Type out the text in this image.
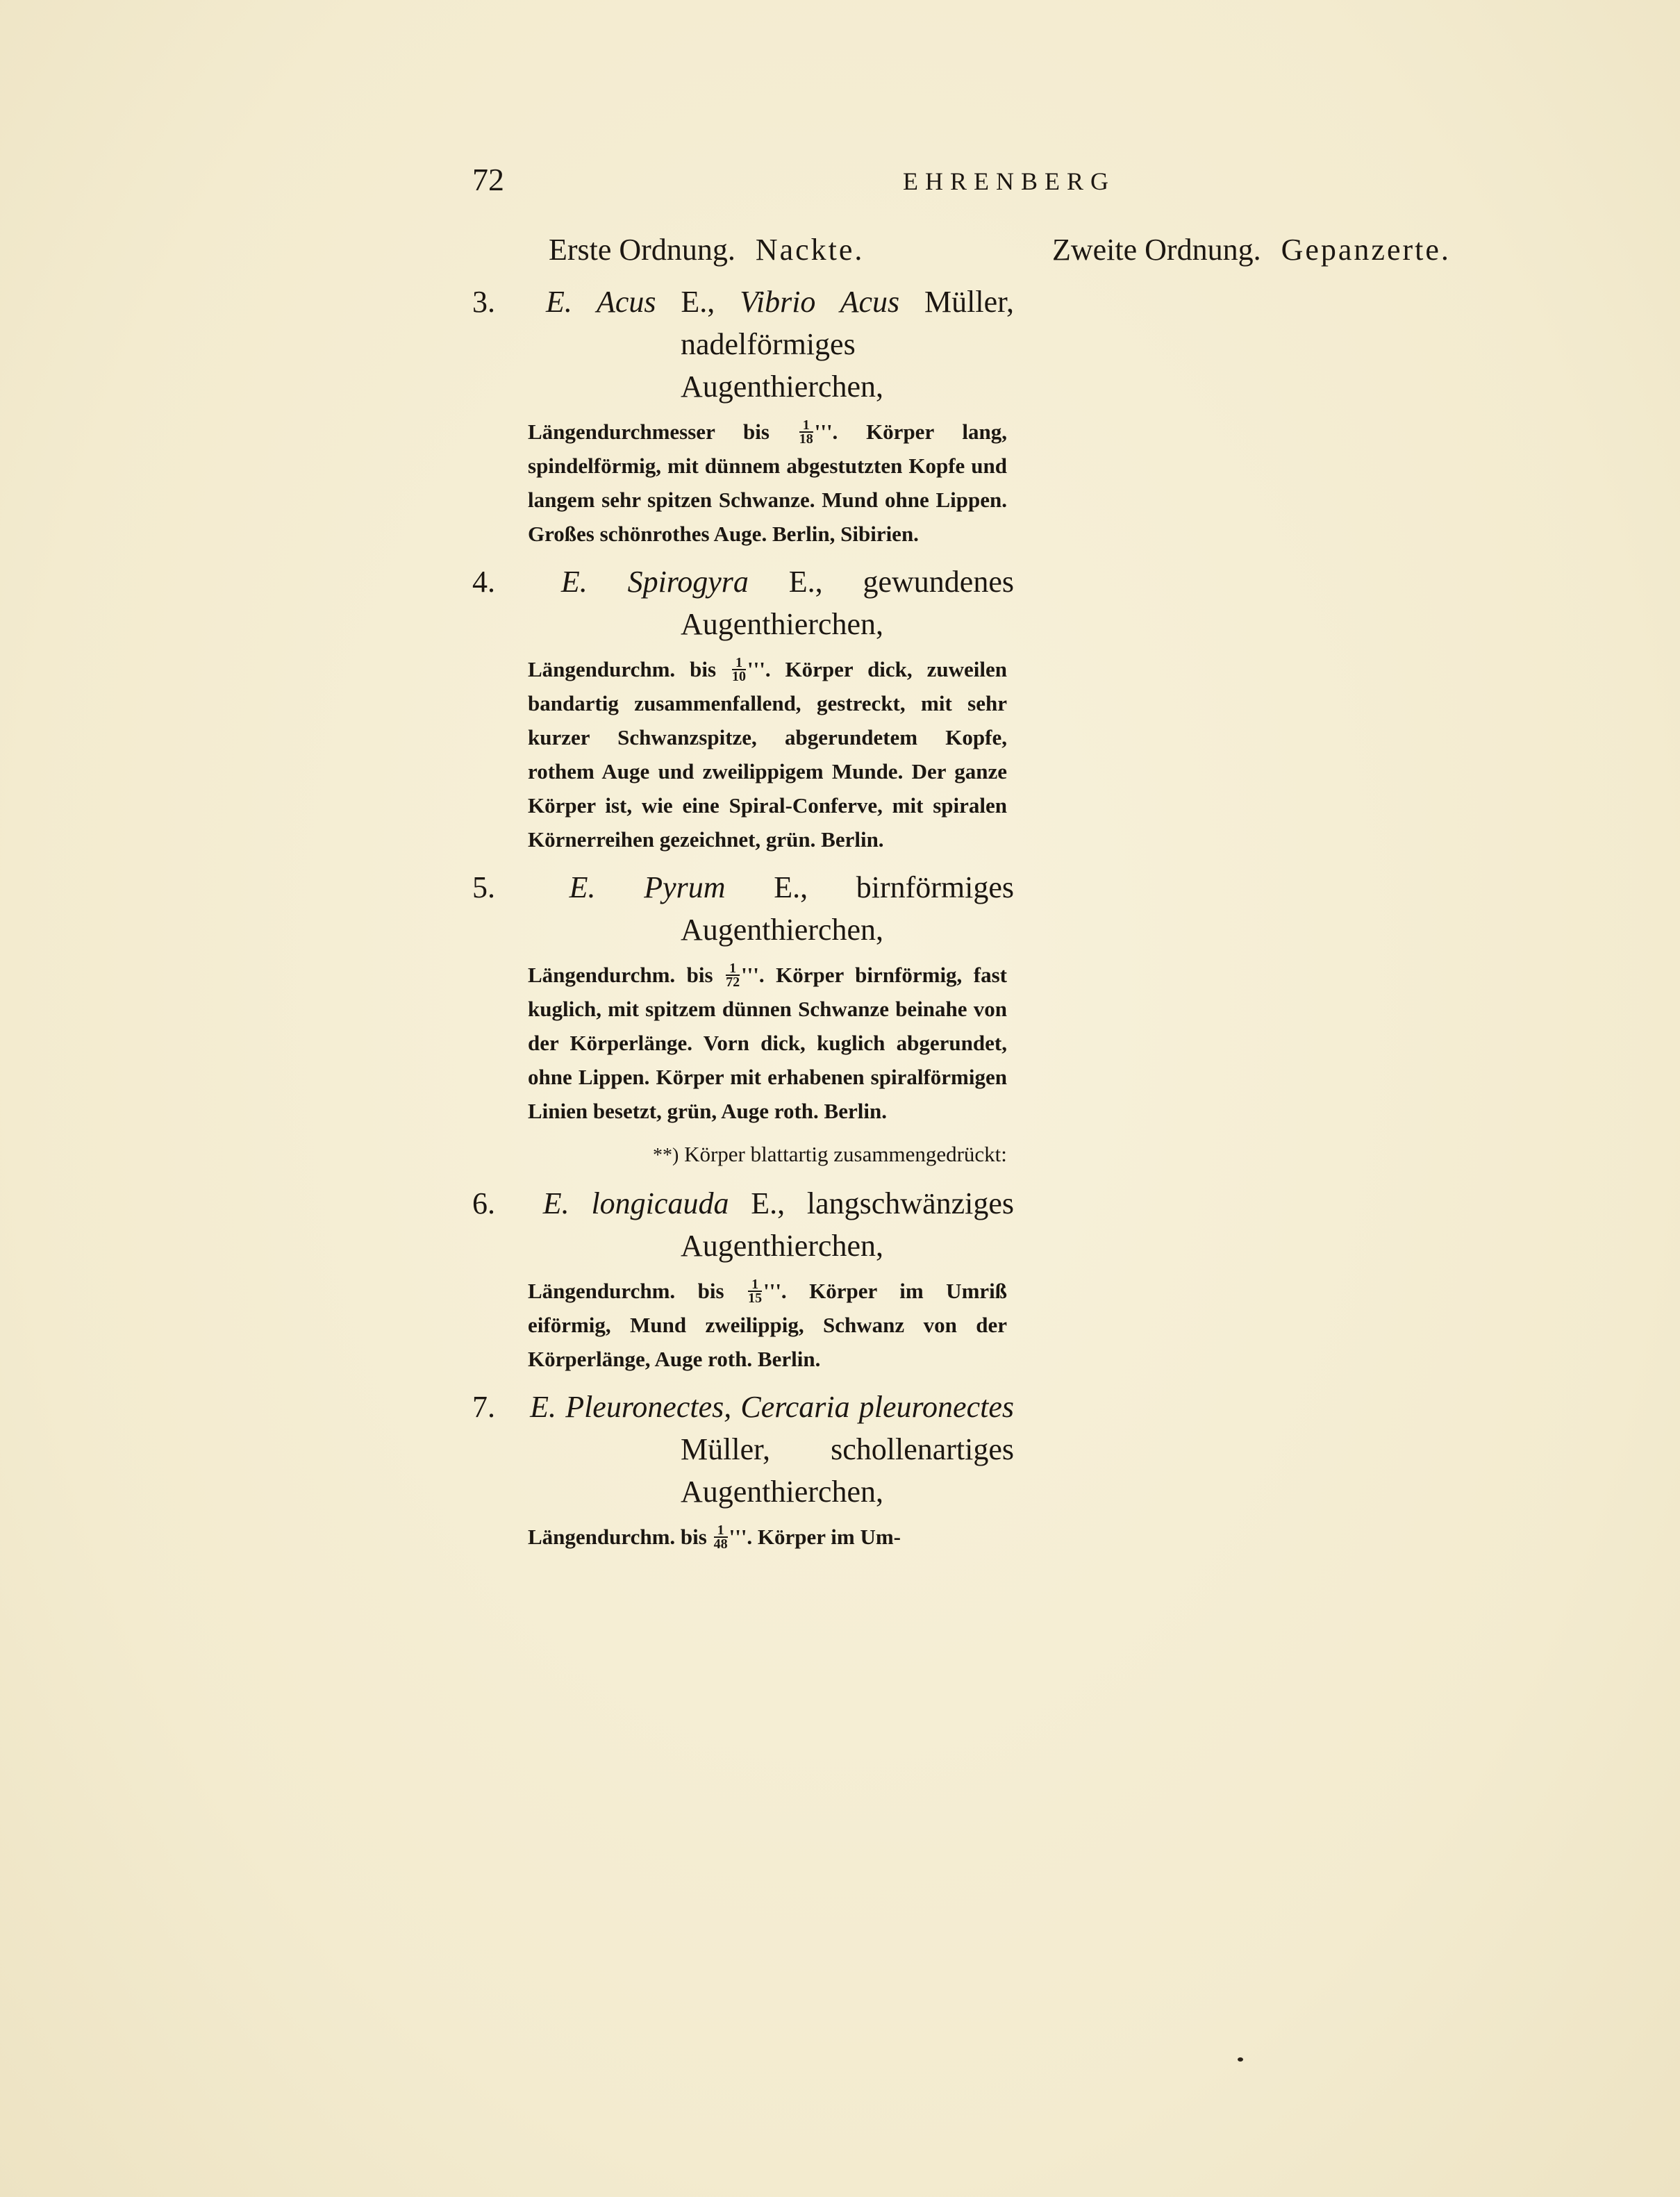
72	EHRENBERG
Erste Ordnung. Nackte.
3. E. Acus E., Vibrio Acus Müller, nadelförmiges Augenthierchen,
Längendurchmesser bis $\frac{1}{18}$ '''. Körper lang, spindelförmig, mit dünnem abgestutzten Kopfe und langem sehr spitzen Schwanze. Mund ohne Lippen. Großes schönrothes Auge. Berlin, Sibirien.
4. E. Spirogyra E., gewundenes Augenthierchen,
Längendurchm. bis $\frac{1}{10}$ '''. Körper dick, zuweilen bandartig zusammenfallend, gestreckt, mit sehr kurzer Schwanzspitze, abgerundetem Kopfe, rothem Auge und zweilippigem Munde. Der ganze Körper ist, wie eine Spiral-Conferve, mit spiralen Körnerreihen gezeichnet, grün. Berlin.
5. E. Pyrum E., birnförmiges Augenthierchen,
Längendurchm. bis $\frac{1}{72}$ '''. Körper birnförmig, fast kuglich, mit spitzem dünnen Schwanze beinahe von der Körperlänge. Vorn dick, kuglich abgerundet, ohne Lippen. Körper mit erhabenen spiralförmigen Linien besetzt, grün, Auge roth. Berlin.
**) Körper blattartig zusammengedrückt:
6. E. longicauda E., langschwänziges Augenthierchen,
Längendurchm. bis $\frac{1}{15}$ '''. Körper im Umriß eiförmig, Mund zweilippig, Schwanz von der Körperlänge, Auge roth. Berlin.
7. E. Pleuronectes, Cercaria pleuronectes Müller, schollenartiges Augenthierchen,
Längendurchm. bis $\frac{1}{48}$ '''. Körper im Um-
Zweite Ordnung. Gepanzerte.
